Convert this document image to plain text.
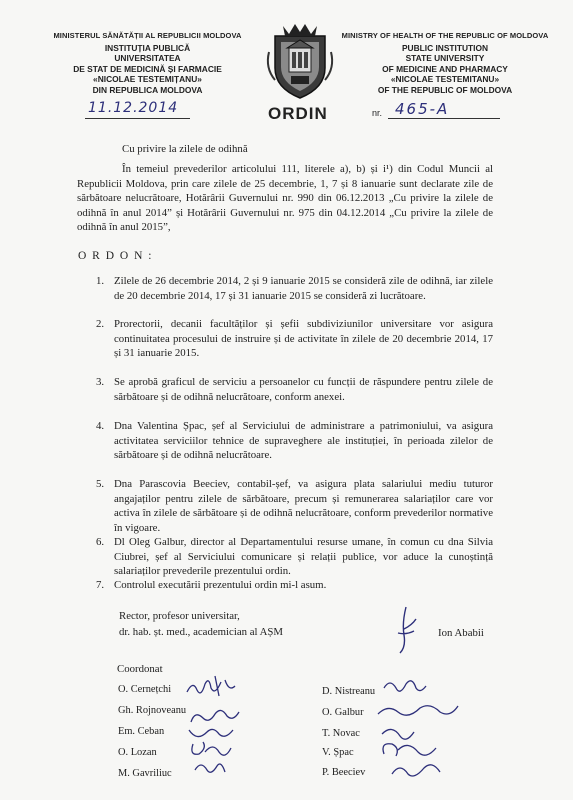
MINISTERUL SĂNĂTĂȚII AL REPUBLICII MOLDOVA
INSTITUȚIA PUBLICĂ
UNIVERSITATEA
DE STAT DE MEDICINĂ ȘI FARMACIE
«NICOLAE TESTEMIȚANU»
DIN REPUBLICA MOLDOVA
MINISTRY OF HEALTH OF THE REPUBLIC OF MOLDOVA
PUBLIC INSTITUTION
STATE UNIVERSITY
OF MEDICINE AND PHARMACY
«NICOLAE TESTEMITANU»
OF THE REPUBLIC OF MOLDOVA
11.12.2014	ORDIN	nr. 465-A
Cu privire la zilele de odihnă
În temeiul prevederilor articolului 111, literele a), b) și i¹) din Codul Muncii al Republicii Moldova, prin care zilele de 25 decembrie, 1, 7 și 8 ianuarie sunt declarate zile de sărbătoare nelucrătoare, Hotărârii Guvernului nr. 990 din 06.12.2013 „Cu privire la zilele de odihnă în anul 2014” și Hotărârii Guvernului nr. 975 din 04.12.2014 „Cu privire la zilele de odihnă în anul 2015”,
O R D O N :
1. Zilele de 26 decembrie 2014, 2 și 9 ianuarie 2015 se consideră zile de odihnă, iar zilele de 20 decembrie 2014, 17 și 31 ianuarie 2015 se consideră zi lucrătoare.
2. Prorectorii, decanii facultăților și șefii subdiviziunilor universitare vor asigura continuitatea procesului de instruire și de activitate în zilele de 20 decembrie 2014, 17 și 31 ianuarie 2015.
3. Se aprobă graficul de serviciu a persoanelor cu funcții de răspundere pentru zilele de sărbătoare și de odihnă nelucrătoare, conform anexei.
4. Dna Valentina Șpac, șef al Serviciului de administrare a patrimoniului, va asigura activitatea serviciilor tehnice de supraveghere ale instituției, în perioada zilelor de sărbătoare și de odihnă nelucrătoare.
5. Dna Parascovia Beeciev, contabil-șef, va asigura plata salariului mediu tuturor angajaților pentru zilele de sărbătoare, precum și remunerarea salariaților care vor activa în zilele de sărbătoare și de odihnă nelucrătoare, conform prevederilor normative în vigoare.
6. Dl Oleg Galbur, director al Departamentului resurse umane, în comun cu dna Silvia Ciubrei, șef al Serviciului comunicare și relații publice, vor aduce la cunoștință salariaților prevederile prezentului ordin.
7. Controlul executării prezentului ordin mi-l asum.
Rector, profesor universitar,
dr. hab. șt. med., academician al AȘM	Ion Ababii
Coordonat
O. Cernețchi
Gh. Rojnoveanu
Em. Ceban
O. Lozan
M. Gavriliuc
D. Nistreanu
O. Galbur
T. Novac
V. Șpac
P. Beeciev
